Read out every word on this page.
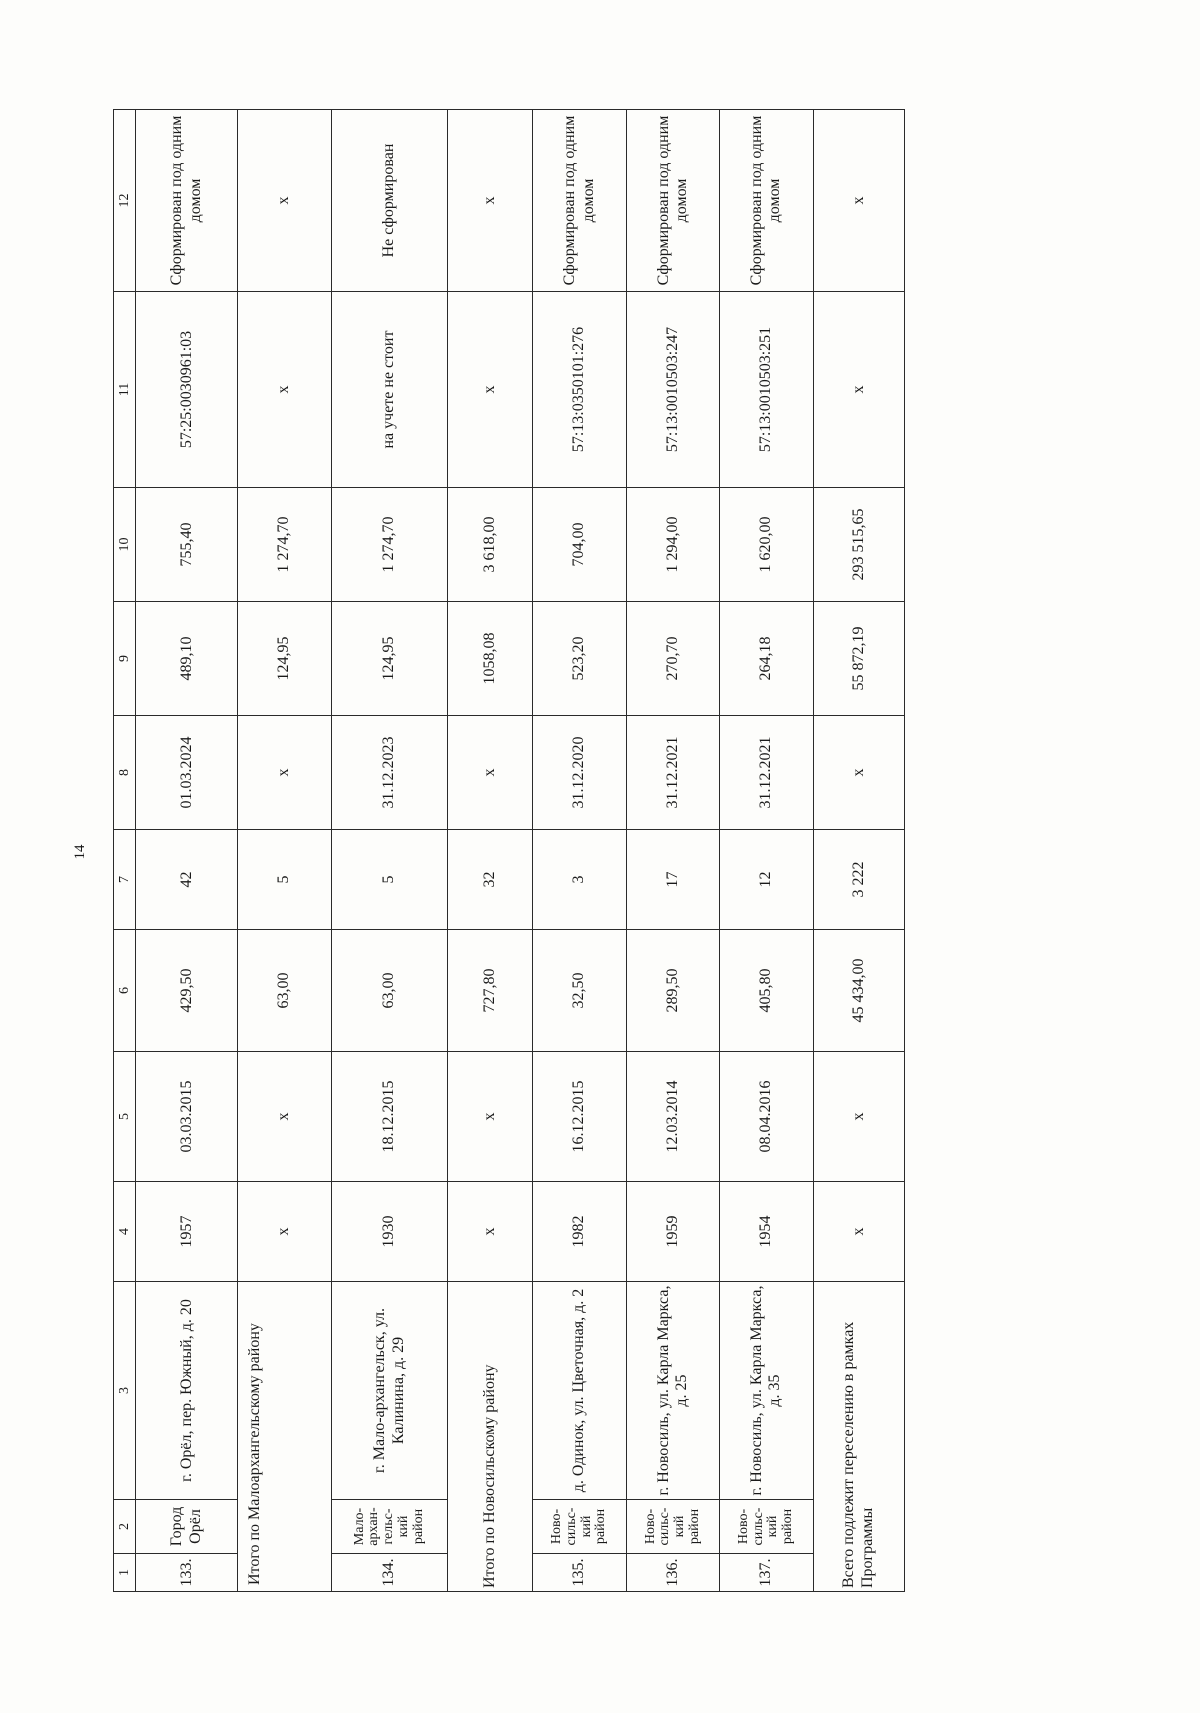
14
1	2	3	4	5	6	7	8	9	10	11	12
133.	Город Орёл	г. Орёл, пер. Южный, д. 20	1957	03.03.2015	429,50	42	01.03.2024	489,10	755,40	57:25:0030961:03	Сформирован под одним домом
Итого по Малоархангельскому району			х	х	63,00	5	х	124,95	1 274,70	х	х
134.	Мало-архан-гельс-кий район	г. Мало-архангельск, ул. Калинина, д. 29	1930	18.12.2015	63,00	5	31.12.2023	124,95	1 274,70	на учете не стоит	Не сформирован
Итого по Новосильскому району			х	х	727,80	32	х	1058,08	3 618,00	х	х
135.	Ново-сильс-кий район	д. Одинок, ул. Цветочная, д. 2	1982	16.12.2015	32,50	3	31.12.2020	523,20	704,00	57:13:0350101:276	Сформирован под одним домом
136.	Ново-сильс-кий район	г. Новосиль, ул. Карла Маркса, д. 25	1959	12.03.2014	289,50	17	31.12.2021	270,70	1 294,00	57:13:0010503:247	Сформирован под одним домом
137.	Ново-сильс-кий район	г. Новосиль, ул. Карла Маркса, д. 35	1954	08.04.2016	405,80	12	31.12.2021	264,18	1 620,00	57:13:0010503:251	Сформирован под одним домом
Всего подлежит переселению в рамках Программы			х	х	45 434,00	3 222	х	55 872,19	293 515,65	х	х
